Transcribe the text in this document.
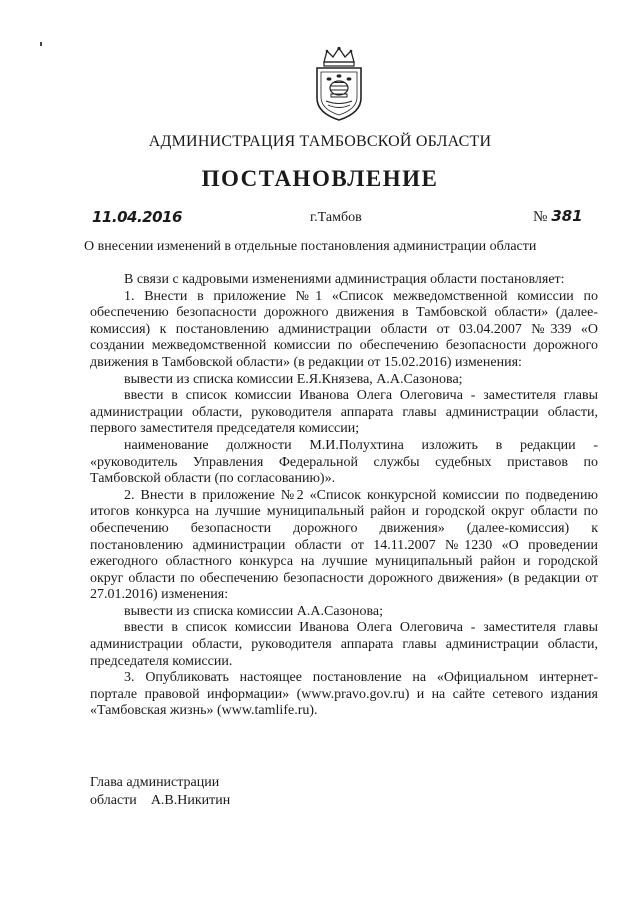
АДМИНИСТРАЦИЯ ТАМБОВСКОЙ ОБЛАСТИ
ПОСТАНОВЛЕНИЕ
11.04.2016	г.Тамбов	№ 381
О внесении изменений в отдельные постановления администрации области

В связи с кадровыми изменениями администрация области постановляет:

1. Внести в приложение №1 «Список межведомственной комиссии по обеспечению безопасности дорожного движения в Тамбовской области» (далее-комиссия) к постановлению администрации области от 03.04.2007 №339 «О создании межведомственной комиссии по обеспечению безопасности дорожного движения в Тамбовской области» (в редакции от 15.02.2016) изменения:

вывести из списка комиссии Е.Я.Князева, А.А.Сазонова;

ввести в список комиссии Иванова Олега Олеговича - заместителя главы администрации области, руководителя аппарата главы администрации области, первого заместителя председателя комиссии;

наименование должности М.И.Полухтина изложить в редакции - «руководитель Управления Федеральной службы судебных приставов по Тамбовской области (по согласованию)».

2. Внести в приложение №2 «Список конкурсной комиссии по подведению итогов конкурса на лучшие муниципальный район и городской округ области по обеспечению безопасности дорожного движения» (далее-комиссия) к постановлению администрации области от 14.11.2007 №1230 «О проведении ежегодного областного конкурса на лучшие муниципальный район и городской округ области по обеспечению безопасности дорожного движения» (в редакции от 27.01.2016) изменения:

вывести из списка комиссии А.А.Сазонова;

ввести в список комиссии Иванова Олега Олеговича - заместителя главы администрации области, руководителя аппарата главы администрации области, председателя комиссии.

3. Опубликовать настоящее постановление на «Официальном интернет-портале правовой информации» (www.pravo.gov.ru) и на сайте сетевого издания «Тамбовская жизнь» (www.tamlife.ru).

Глава администрации
области А.В.Никитин
